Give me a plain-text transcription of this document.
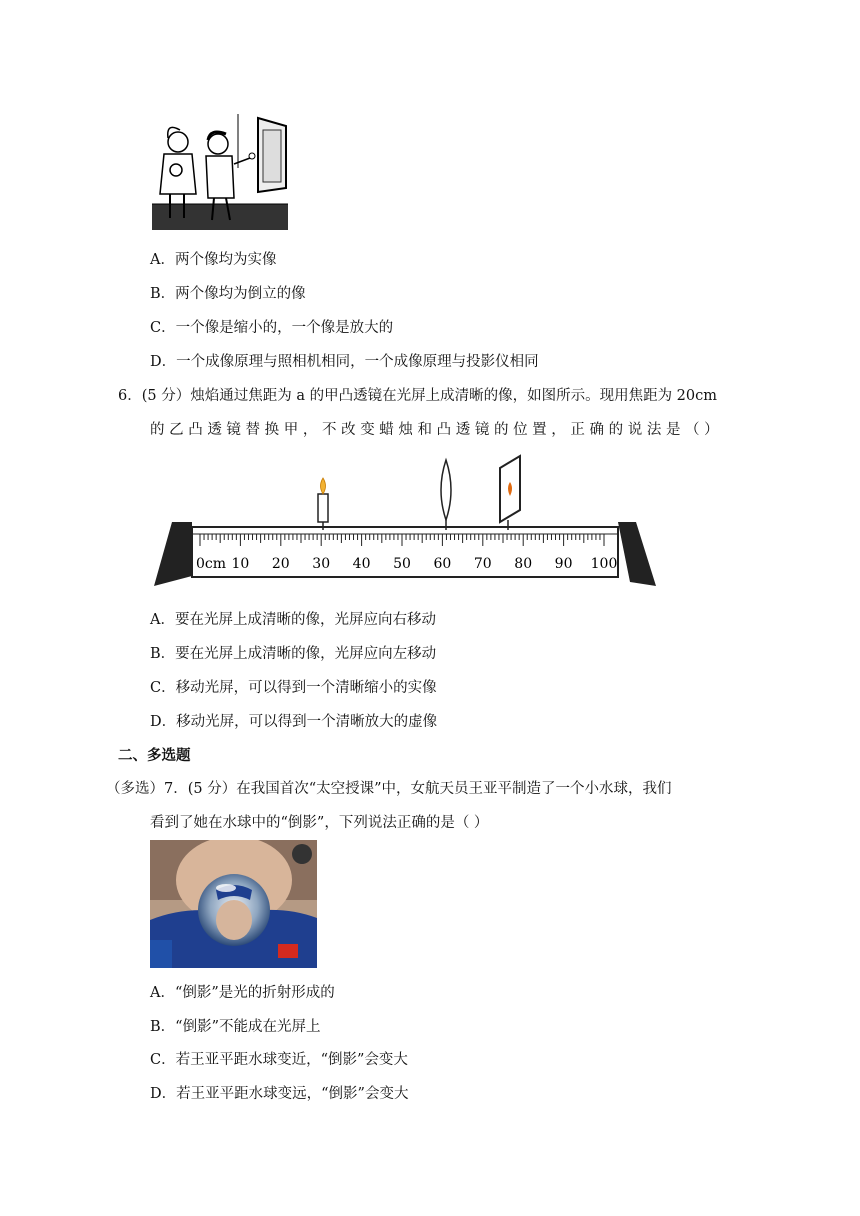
A．两个像均为实像
B．两个像均为倒立的像
C．一个像是缩小的，一个像是放大的
D．一个成像原理与照相机相同，一个成像原理与投影仪相同
6．(5 分）烛焰通过焦距为 a 的甲凸透镜在光屏上成清晰的像，如图所示。现用焦距为 20cm
的 乙 凸 透 镜 替 换 甲 ， 不 改 变 蜡 烛 和 凸 透 镜 的 位 置 ， 正 确 的 说 法 是 （ ）
0cm 10 20 30 40 50 60 70 80 90 100
A．要在光屏上成清晰的像，光屏应向右移动
B．要在光屏上成清晰的像，光屏应向左移动
C．移动光屏，可以得到一个清晰缩小的实像
D．移动光屏，可以得到一个清晰放大的虚像
二、多选题
（多选）7．(5 分）在我国首次“太空授课”中，女航天员王亚平制造了一个小水球，我们
看到了她在水球中的“倒影”，下列说法正确的是（ ）
A．“倒影”是光的折射形成的
B．“倒影”不能成在光屏上
C．若王亚平距水球变近，“倒影”会变大
D．若王亚平距水球变远，“倒影”会变大
